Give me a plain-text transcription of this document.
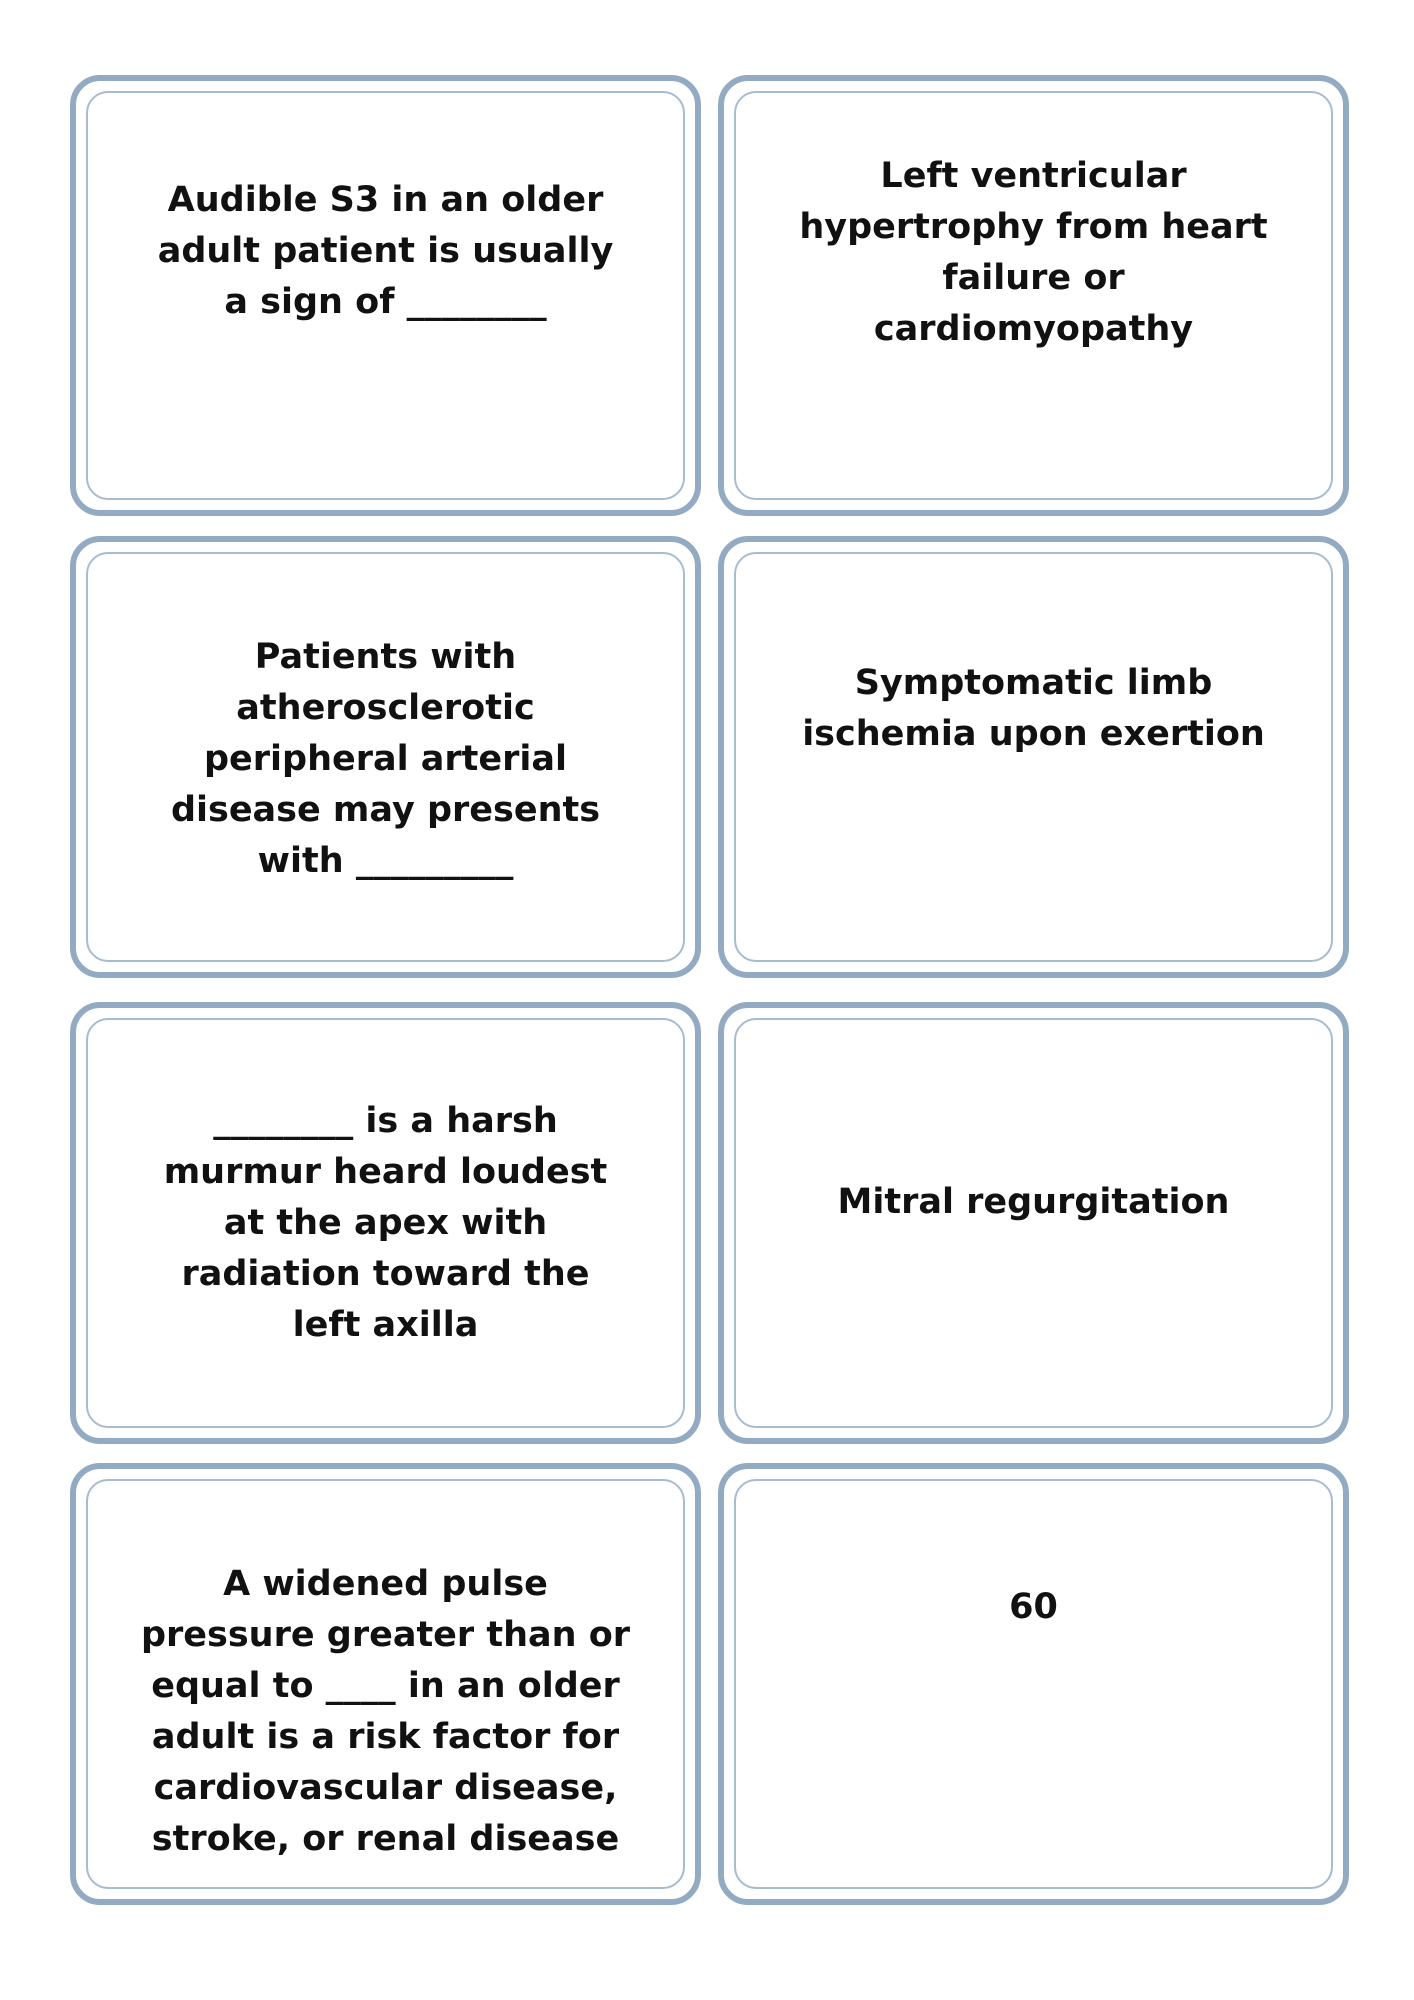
Audible S3 in an older
adult patient is usually
a sign of ________

Left ventricular
hypertrophy from heart
failure or
cardiomyopathy

Patients with
atherosclerotic
peripheral arterial
disease may presents
with _________

Symptomatic limb
ischemia upon exertion

________ is a harsh
murmur heard loudest
at the apex with
radiation toward the
left axilla

Mitral regurgitation

A widened pulse
pressure greater than or
equal to ____ in an older
adult is a risk factor for
cardiovascular disease,
stroke, or renal disease

60
